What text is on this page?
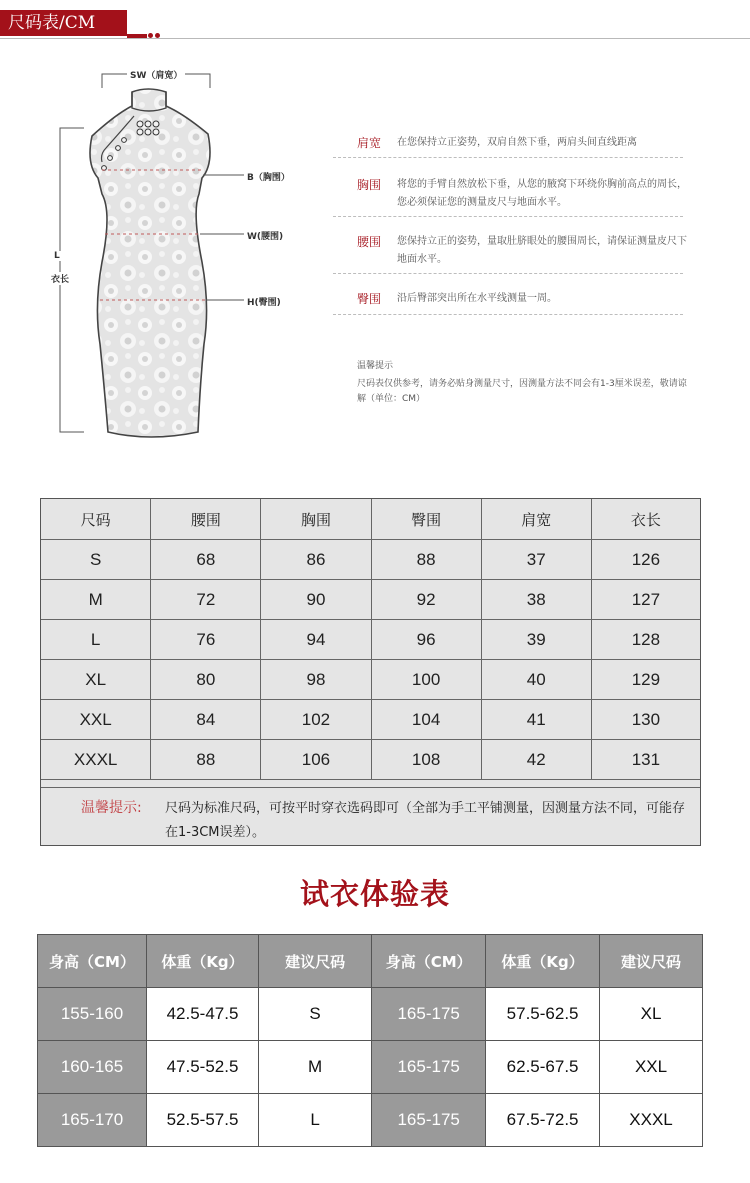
尺码表/CM
SW（肩宽）
B（胸围）
W(腰围)
H(臀围)
L
衣长
肩宽 在您保持立正姿势，双肩自然下垂，两肩头间直线距离
胸围 将您的手臂自然放松下垂，从您的腋窝下环绕你胸前高点的周长，您必须保证您的测量皮尺与地面水平。
腰围 您保持立正的姿势，量取肚脐眼处的腰围周长，请保证测量皮尺下地面水平。
臀围 沿后臀部突出所在水平线测量一周。
温馨提示
尺码表仅供参考，请务必贴身测量尺寸，因测量方法不同会有1-3厘米误差，敬请谅解（单位：CM）
尺码	腰围	胸围	臀围	肩宽	衣长
S	68	86	88	37	126
M	72	90	92	38	127
L	76	94	96	39	128
XL	80	98	100	40	129
XXL	84	102	104	41	130
XXXL	88	106	108	42	131
温馨提示: 尺码为标准尺码，可按平时穿衣选码即可（全部为手工平铺测量，因测量方法不同，可能存在1-3CM误差）。
试衣体验表
身高（CM）	体重（Kg）	建议尺码	身高（CM）	体重（Kg）	建议尺码
155-160	42.5-47.5	S	165-175	57.5-62.5	XL
160-165	47.5-52.5	M	165-175	62.5-67.5	XXL
165-170	52.5-57.5	L	165-175	67.5-72.5	XXXL
